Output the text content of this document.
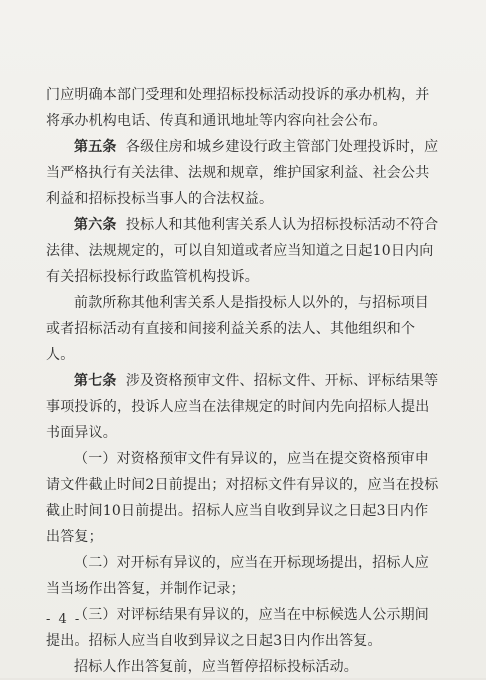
门应明确本部门受理和处理招标投标活动投诉的承办机构，并将承办机构电话、传真和通讯地址等内容向社会公布。

第五条 各级住房和城乡建设行政主管部门处理投诉时，应当严格执行有关法律、法规和规章，维护国家利益、社会公共利益和招标投标当事人的合法权益。

第六条 投标人和其他利害关系人认为招标投标活动不符合法律、法规规定的，可以自知道或者应当知道之日起10日内向有关招标投标行政监管机构投诉。

前款所称其他利害关系人是指投标人以外的，与招标项目或者招标活动有直接和间接利益关系的法人、其他组织和个人。

第七条 涉及资格预审文件、招标文件、开标、评标结果等事项投诉的，投诉人应当在法律规定的时间内先向招标人提出书面异议。

（一）对资格预审文件有异议的，应当在提交资格预审申请文件截止时间2日前提出；对招标文件有异议的，应当在投标截止时间10日前提出。招标人应当自收到异议之日起3日内作出答复；

（二）对开标有异议的，应当在开标现场提出，招标人应当当场作出答复，并制作记录；

（三）对评标结果有异议的，应当在中标候选人公示期间提出。招标人应当自收到异议之日起3日内作出答复。

招标人作出答复前，应当暂停招标投标活动。

- 4 -
